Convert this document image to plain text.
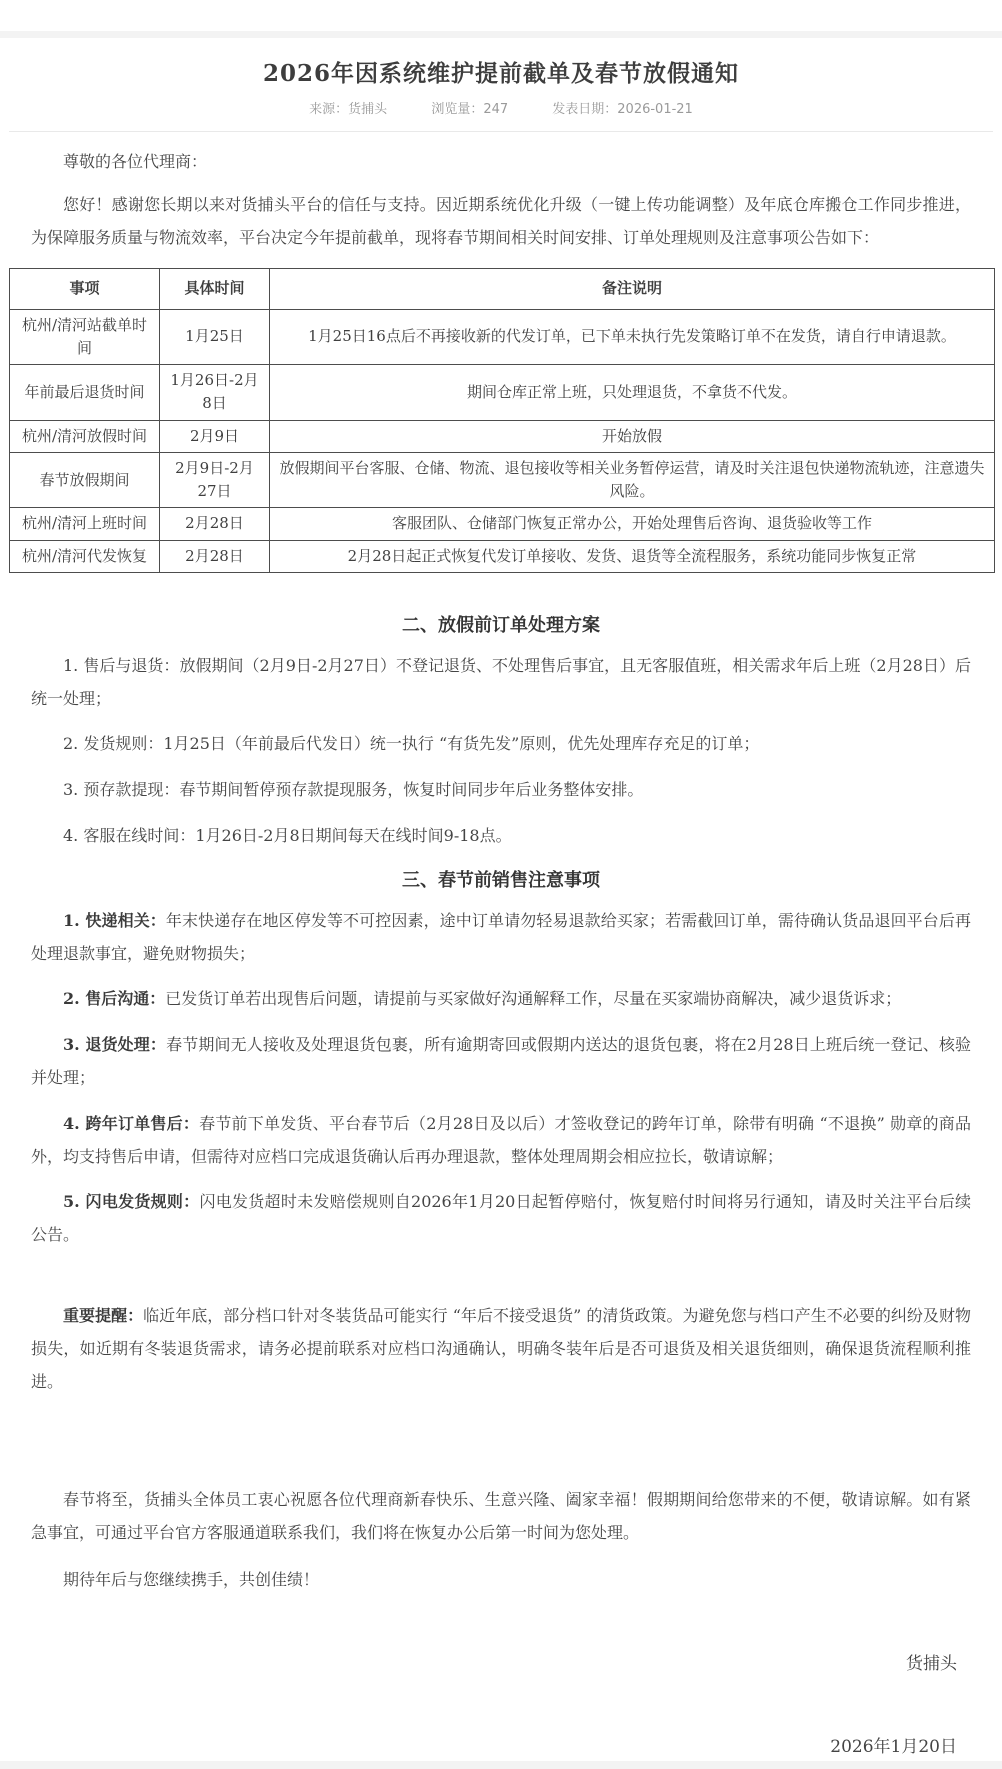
2026年因系统维护提前截单及春节放假通知
来源：货捕头	浏览量：247	发表日期：2026-01-21

尊敬的各位代理商：

您好！感谢您长期以来对货捕头平台的信任与支持。因近期系统优化升级（一键上传功能调整）及年底仓库搬仓工作同步推进，为保障服务质量与物流效率，平台决定今年提前截单，现将春节期间相关时间安排、订单处理规则及注意事项公告如下：

事项	具体时间	备注说明
杭州/清河站截单时间	1月25日	1月25日16点后不再接收新的代发订单，已下单未执行先发策略订单不在发货，请自行申请退款。
年前最后退货时间	1月26日-2月8日	期间仓库正常上班，只处理退货，不拿货不代发。
杭州/清河放假时间	2月9日	开始放假
春节放假期间	2月9日-2月27日	放假期间平台客服、仓储、物流、退包接收等相关业务暂停运营，请及时关注退包快递物流轨迹，注意遗失风险。
杭州/清河上班时间	2月28日	客服团队、仓储部门恢复正常办公，开始处理售后咨询、退货验收等工作
杭州/清河代发恢复	2月28日	2月28日起正式恢复代发订单接收、发货、退货等全流程服务，系统功能同步恢复正常
二、放假前订单处理方案

1. 售后与退货：放假期间（2月9日-2月27日）不登记退货、不处理售后事宜，且无客服值班，相关需求年后上班（2月28日）后统一处理；

2. 发货规则：1月25日（年前最后代发日）统一执行 “有货先发”原则，优先处理库存充足的订单；

3. 预存款提现：春节期间暂停预存款提现服务，恢复时间同步年后业务整体安排。

4. 客服在线时间：1月26日-2月8日期间每天在线时间9-18点。

三、春节前销售注意事项

1. 快递相关：年末快递存在地区停发等不可控因素，途中订单请勿轻易退款给买家；若需截回订单，需待确认货品退回平台后再处理退款事宜，避免财物损失；

2. 售后沟通：已发货订单若出现售后问题，请提前与买家做好沟通解释工作，尽量在买家端协商解决，减少退货诉求；

3. 退货处理：春节期间无人接收及处理退货包裹，所有逾期寄回或假期内送达的退货包裹，将在2月28日上班后统一登记、核验并处理；

4. 跨年订单售后：春节前下单发货、平台春节后（2月28日及以后）才签收登记的跨年订单，除带有明确 “不退换” 勋章的商品外，均支持售后申请，但需待对应档口完成退货确认后再办理退款，整体处理周期会相应拉长，敬请谅解；

5. 闪电发货规则：闪电发货超时未发赔偿规则自2026年1月20日起暂停赔付，恢复赔付时间将另行通知，请及时关注平台后续公告。

重要提醒：临近年底，部分档口针对冬装货品可能实行 “年后不接受退货” 的清货政策。为避免您与档口产生不必要的纠纷及财物损失，如近期有冬装退货需求，请务必提前联系对应档口沟通确认，明确冬装年后是否可退货及相关退货细则，确保退货流程顺利推进。

春节将至，货捕头全体员工衷心祝愿各位代理商新春快乐、生意兴隆、阖家幸福！假期期间给您带来的不便，敬请谅解。如有紧急事宜，可通过平台官方客服通道联系我们，我们将在恢复办公后第一时间为您处理。

期待年后与您继续携手，共创佳绩！

货捕头
2026年1月20日
